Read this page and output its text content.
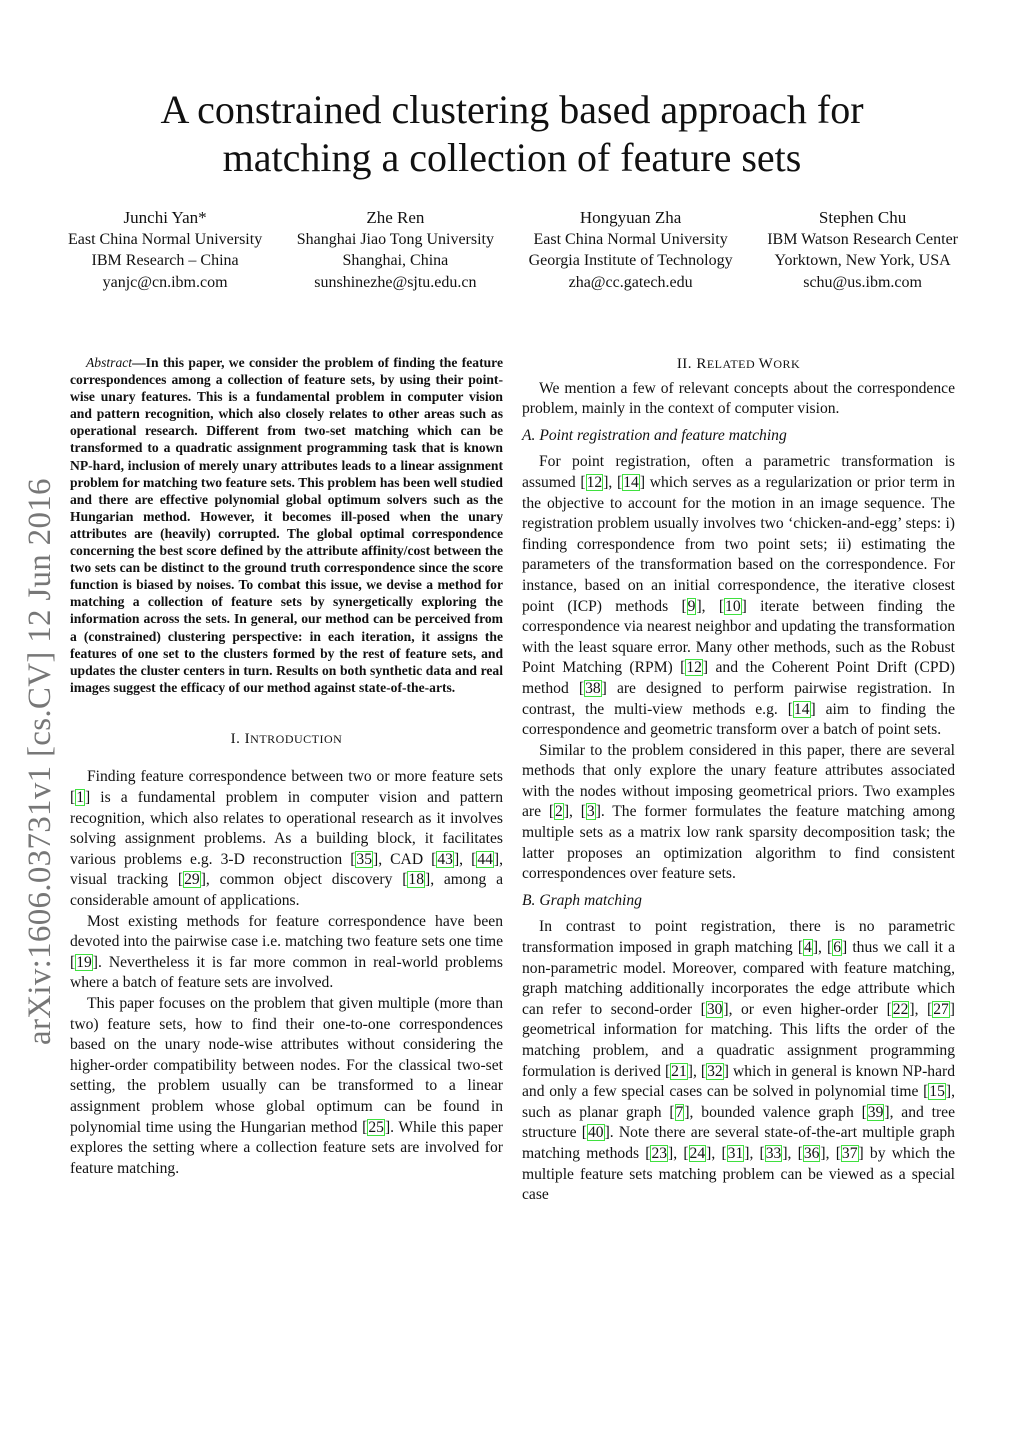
A constrained clustering based approach for
matching a collection of feature sets
Junchi Yan*
East China Normal University
IBM Research – China
yanjc@cn.ibm.com
Zhe Ren
Shanghai Jiao Tong University
Shanghai, China
sunshinezhe@sjtu.edu.cn
Hongyuan Zha
East China Normal University
Georgia Institute of Technology
zha@cc.gatech.edu
Stephen Chu
IBM Watson Research Center
Yorktown, New York, USA
schu@us.ibm.com
arXiv:1606.03731v1 [cs.CV] 12 Jun 2016

Abstract—In this paper, we consider the problem of finding the feature correspondences among a collection of feature sets, by using their point-wise unary features. This is a fundamental problem in computer vision and pattern recognition, which also closely relates to other areas such as operational research. Different from two-set matching which can be transformed to a quadratic assignment programming task that is known NP-hard, inclusion of merely unary attributes leads to a linear assignment problem for matching two feature sets. This problem has been well studied and there are effective polynomial global optimum solvers such as the Hungarian method. However, it becomes ill-posed when the unary attributes are (heavily) corrupted. The global optimal correspondence concerning the best score defined by the attribute affinity/cost between the two sets can be distinct to the ground truth correspondence since the score function is biased by noises. To combat this issue, we devise a method for matching a collection of feature sets by synergetically exploring the information across the sets. In general, our method can be perceived from a (constrained) clustering perspective: in each iteration, it assigns the features of one set to the clusters formed by the rest of feature sets, and updates the cluster centers in turn. Results on both synthetic data and real images suggest the efficacy of our method against state-of-the-arts.

I. INTRODUCTION

Finding feature correspondence between two or more feature sets [1] is a fundamental problem in computer vision and pattern recognition, which also relates to operational research as it involves solving assignment problems. As a building block, it facilitates various problems e.g. 3-D reconstruction [35], CAD [43], [44], visual tracking [29], common object discovery [18], among a considerable amount of applications.

Most existing methods for feature correspondence have been devoted into the pairwise case i.e. matching two feature sets one time [19]. Nevertheless it is far more common in real-world problems where a batch of feature sets are involved.

This paper focuses on the problem that given multiple (more than two) feature sets, how to find their one-to-one correspondences based on the unary node-wise attributes without considering the higher-order compatibility between nodes. For the classical two-set setting, the problem usually can be transformed to a linear assignment problem whose global optimum can be found in polynomial time using the Hungarian method [25]. While this paper explores the setting where a collection feature sets are involved for feature matching.

II. RELATED WORK

We mention a few of relevant concepts about the correspondence problem, mainly in the context of computer vision.

A. Point registration and feature matching

For point registration, often a parametric transformation is assumed [12], [14] which serves as a regularization or prior term in the objective to account for the motion in an image sequence. The registration problem usually involves two ‘chicken-and-egg’ steps: i) finding correspondence from two point sets; ii) estimating the parameters of the transformation based on the correspondence. For instance, based on an initial correspondence, the iterative closest point (ICP) methods [9], [10] iterate between finding the correspondence via nearest neighbor and updating the transformation with the least square error. Many other methods, such as the Robust Point Matching (RPM) [12] and the Coherent Point Drift (CPD) method [38] are designed to perform pairwise registration. In contrast, the multi-view methods e.g. [14] aim to finding the correspondence and geometric transform over a batch of point sets.

Similar to the problem considered in this paper, there are several methods that only explore the unary feature attributes associated with the nodes without imposing geometrical priors. Two examples are [2], [3]. The former formulates the feature matching among multiple sets as a matrix low rank sparsity decomposition task; the latter proposes an optimization algorithm to find consistent correspondences over feature sets.

B. Graph matching

In contrast to point registration, there is no parametric transformation imposed in graph matching [4], [6] thus we call it a non-parametric model. Moreover, compared with feature matching, graph matching additionally incorporates the edge attribute which can refer to second-order [30], or even higher-order [22], [27] geometrical information for matching. This lifts the order of the matching problem, and a quadratic assignment programming formulation is derived [21], [32] which in general is known NP-hard and only a few special cases can be solved in polynomial time [15], such as planar graph [7], bounded valence graph [39], and tree structure [40]. Note there are several state-of-the-art multiple graph matching methods [23], [24], [31], [33], [36], [37] by which the multiple feature sets matching problem can be viewed as a special case
